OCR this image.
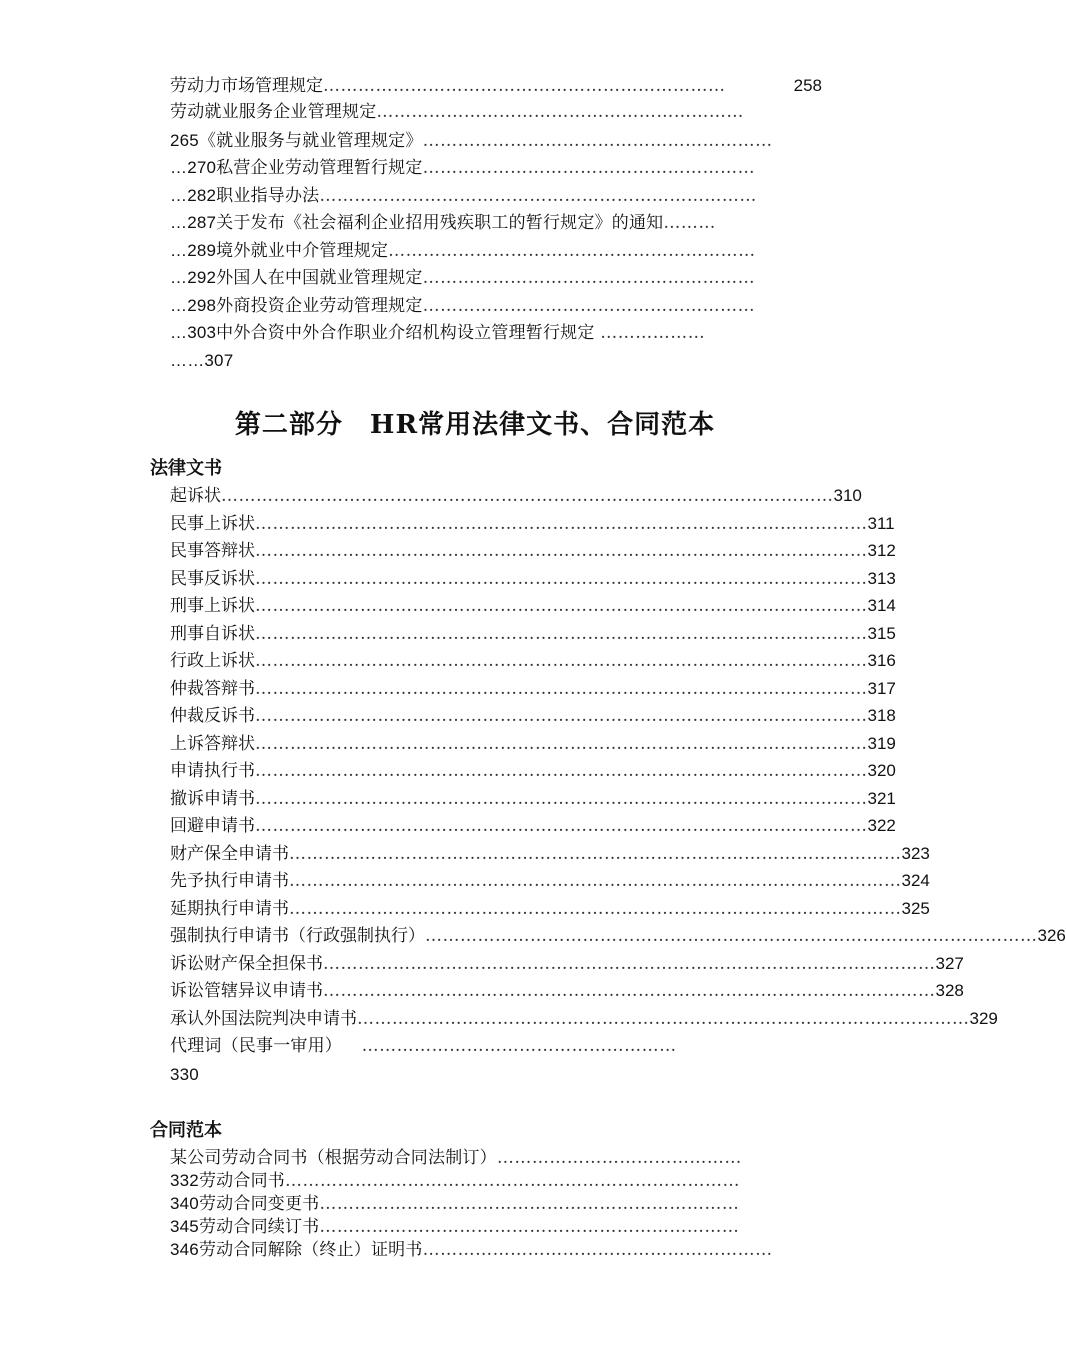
劳动力市场管理规定 ……………………………………………………………	258
劳动就业服务企业管理规定………………………………………………………
265《就业服务与就业管理规定》……………………………………………………
…270私营企业劳动管理暂行规定…………………………………………………
…282职业指导办法…………………………………………………………………
…287关于发布《社会福利企业招用残疾职工的暂行规定》的通知………
…289境外就业中介管理规定………………………………………………………
…292外国人在中国就业管理规定…………………………………………………
…298外商投资企业劳动管理规定…………………………………………………
…303中外合资中外合作职业介绍机构设立管理暂行规定 ………………
……307
第二部分　HR常用法律文书、合同范本
法律文书
起诉状 …………………………………………………………………………………………… 310
民事上诉状 …………………………………………………………………………………………… 311
民事答辩状 …………………………………………………………………………………………… 312
民事反诉状 …………………………………………………………………………………………… 313
刑事上诉状 …………………………………………………………………………………………… 314
刑事自诉状 …………………………………………………………………………………………… 315
行政上诉状 …………………………………………………………………………………………… 316
仲裁答辩书 …………………………………………………………………………………………… 317
仲裁反诉书 …………………………………………………………………………………………… 318
上诉答辩状 …………………………………………………………………………………………… 319
申请执行书 …………………………………………………………………………………………… 320
撤诉申请书 …………………………………………………………………………………………… 321
回避申请书 …………………………………………………………………………………………… 322
财产保全申请书 …………………………………………………………………………………………… 323
先予执行申请书 …………………………………………………………………………………………… 324
延期执行申请书 …………………………………………………………………………………………… 325
强制执行申请书（行政强制执行） …………………………………………………………………………………………… 326
诉讼财产保全担保书 …………………………………………………………………………………………… 327
诉讼管辖异议申请书 …………………………………………………………………………………………… 328
承认外国法院判决申请书 …………………………………………………………………………………………… 329
代理词（民事一审用） ………………………………………………
330
合同范本
某公司劳动合同书（根据劳动合同法制订）……………………………………
332劳动合同书……………………………………………………………………
340劳动合同变更书………………………………………………………………
345劳动合同续订书………………………………………………………………
346劳动合同解除（终止）证明书……………………………………………………
